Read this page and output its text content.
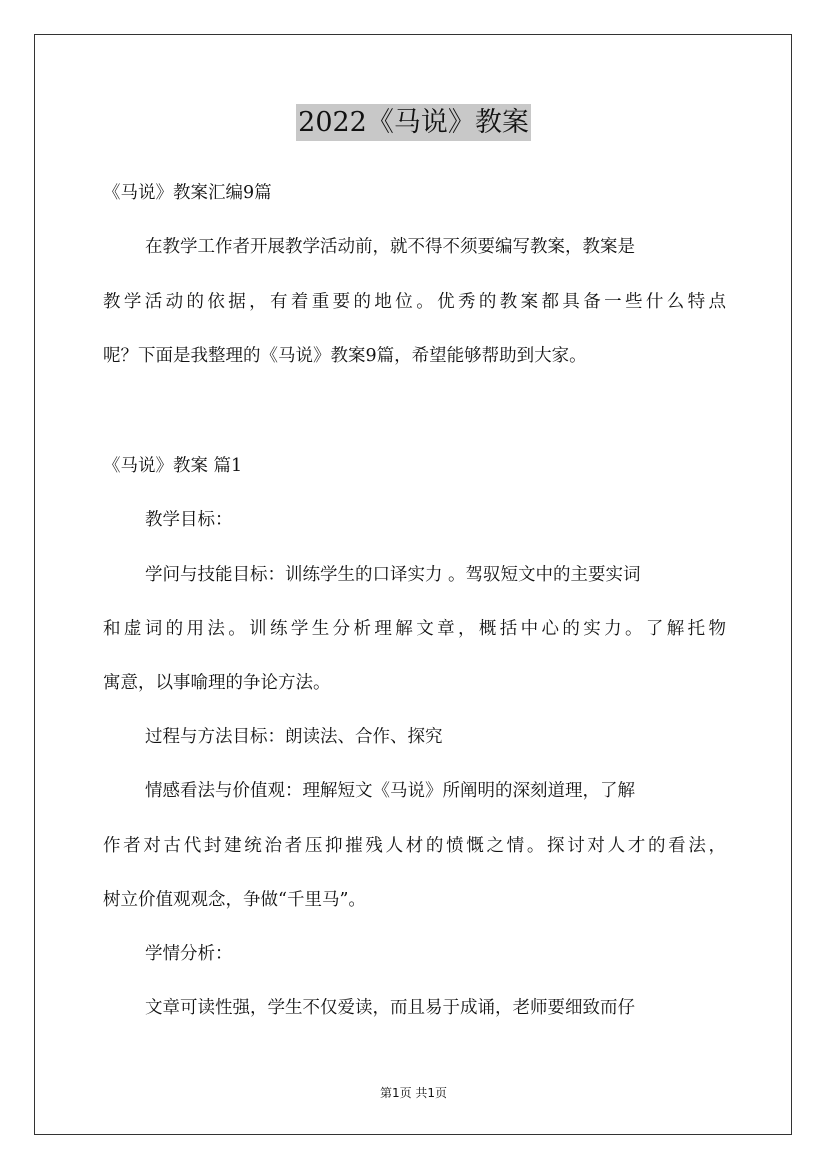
2022《马说》教案
《马说》教案汇编9篇
在教学工作者开展教学活动前，就不得不须要编写教案，教案是
教学活动的依据，有着重要的地位。优秀的教案都具备一些什么特点
呢？下面是我整理的《马说》教案9篇，希望能够帮助到大家。
《马说》教案 篇1
教学目标：
学问与技能目标：训练学生的口译实力 。驾驭短文中的主要实词
和虚词的用法。训练学生分析理解文章，概括中心的实力。了解托物
寓意，以事喻理的争论方法。
过程与方法目标：朗读法、合作、探究
情感看法与价值观：理解短文《马说》所阐明的深刻道理，了解
作者对古代封建统治者压抑摧残人材的愤慨之情。探讨对人才的看法，
树立价值观观念，争做“千里马”。
学情分析：
文章可读性强，学生不仅爱读，而且易于成诵，老师要细致而仔
第1页 共1页
